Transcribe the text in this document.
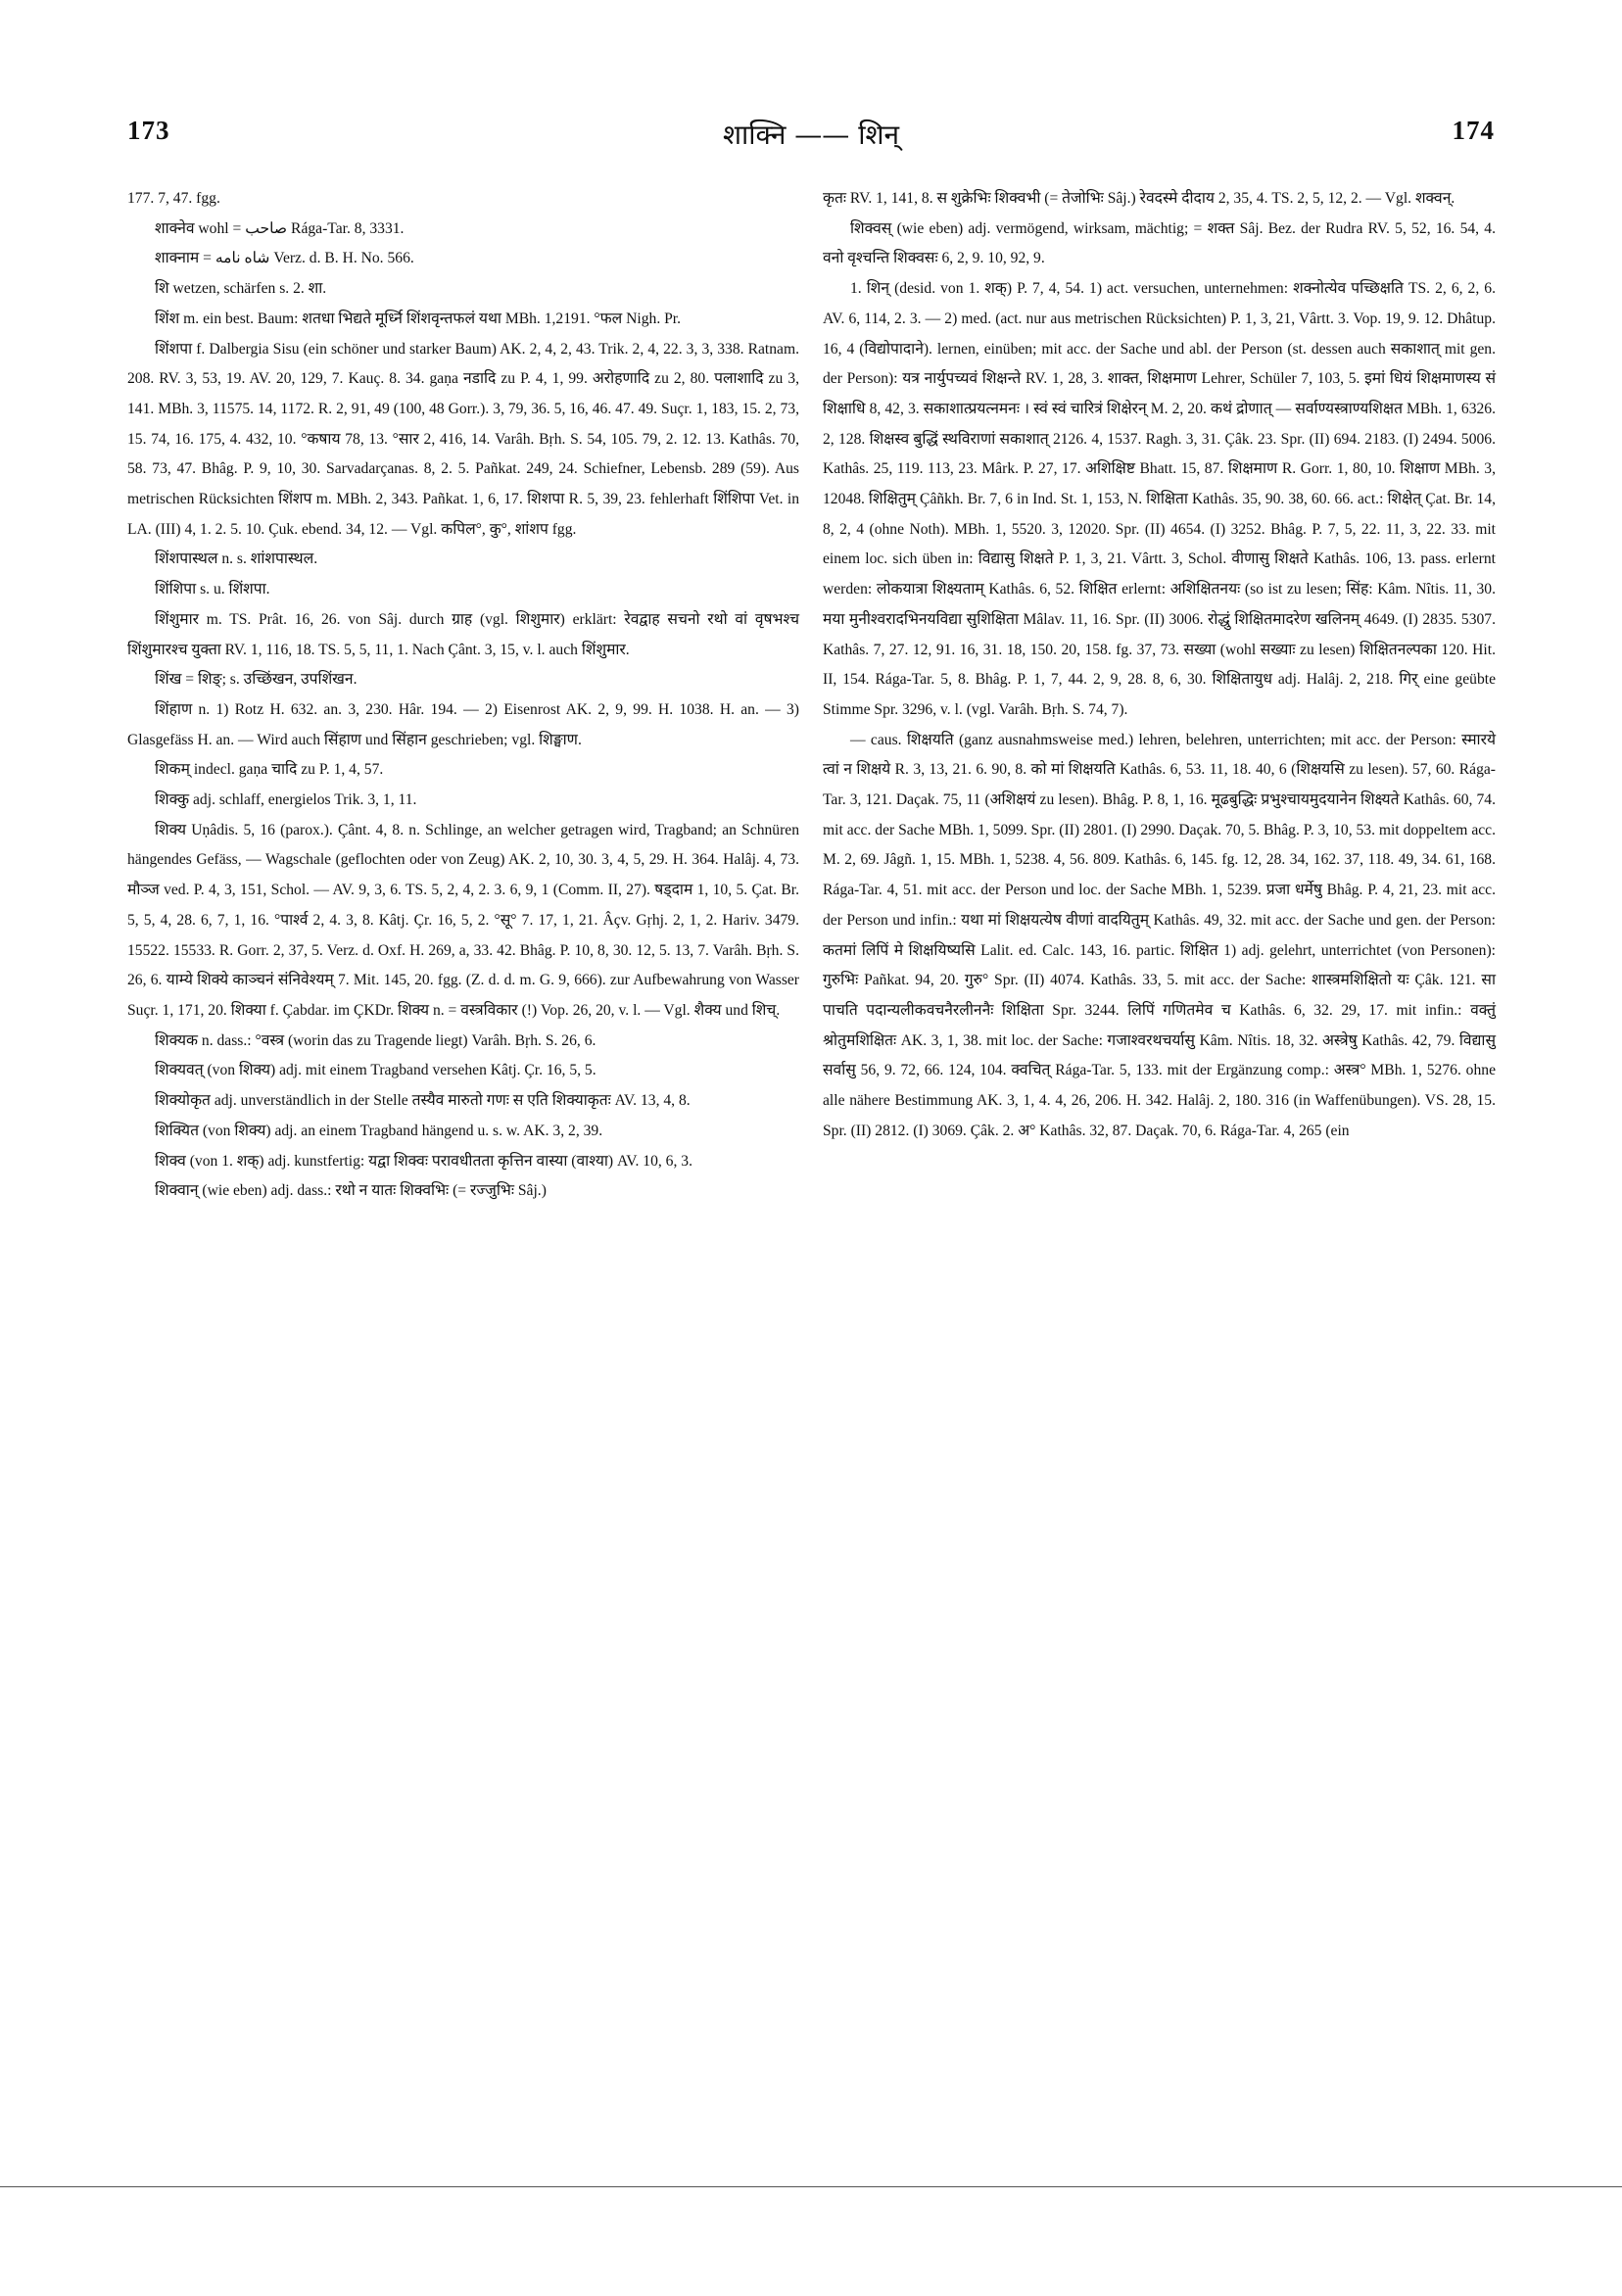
173	शाक्नि —— शिन्	174

177. 7, 47. fgg.

शाक्नेव wohl = صاحب Rága-Tar. 8, 3331.

शाक्नाम = شاه نامه Verz. d. B. H. No. 566.

शि wetzen, schärfen s. 2. शा.

शिंश m. ein best. Baum: शतधा भिद्यते मूर्ध्नि शिंशवृन्तफलं यथा MBh. 1,2191. °फल Nigh. Pr.

शिंशपा f. Dalbergia Sisu (ein schöner und starker Baum) AK. 2, 4, 2, 43. Trik. 2, 4, 22. 3, 3, 338. Ratnam. 208. RV. 3, 53, 19. AV. 20, 129, 7. Kauç. 8. 34. gaṇa नडादि zu P. 4, 1, 99. अरोहणादि zu 2, 80. पलाशादि zu 3, 141. MBh. 3, 11575. 14, 1172. R. 2, 91, 49 (100, 48 Gorr.). 3, 79, 36. 5, 16, 46. 47. 49. Suçr. 1, 183, 15. 2, 73, 15. 74, 16. 175, 4. 432, 10. °कषाय 78, 13. °सार 2, 416, 14. Varâh. Bṛh. S. 54, 105. 79, 2. 12. 13. Kathâs. 70, 58. 73, 47. Bhâg. P. 9, 10, 30. Sarvadarçanas. 8, 2. 5. Pañkat. 249, 24. Schiefner, Lebensb. 289 (59). Aus metrischen Rücksichten शिंशप m. MBh. 2, 343. Pañkat. 1, 6, 17. शिशपा R. 5, 39, 23. fehlerhaft शिंशिपा Vet. in LA. (III) 4, 1. 2. 5. 10. Çuk. ebend. 34, 12. — Vgl. कपिल°, कु°, शांशप fgg.

शिंशपास्थल n. s. शांशपास्थल.

शिंशिपा s. u. शिंशपा.

शिंशुमार m. TS. Prât. 16, 26. von Sâj. durch ग्राह (vgl. शिशुमार) erklärt: रेवद्वाह सचनो रथो वां वृषभश्च शिंशुमारश्च युक्ता RV. 1, 116, 18. TS. 5, 5, 11, 1. Nach Çânt. 3, 15, v. l. auch शिंशुमार.

शिंख = शिङ्; s. उच्छिंखन, उपशिंखन.

शिंहाण n. 1) Rotz H. 632. an. 3, 230. Hâr. 194. — 2) Eisenrost AK. 2, 9, 99. H. 1038. H. an. — 3) Glasgefäss H. an. — Wird auch सिंहाण und सिंहान geschrieben; vgl. शिङ्घाण.

शिकम् indecl. gaṇa चादि zu P. 1, 4, 57.

शिक्कु adj. schlaff, energielos Trik. 3, 1, 11.

शिक्य Uṇâdis. 5, 16 (parox.). Çânt. 4, 8. n. Schlinge, an welcher getragen wird, Tragband; an Schnüren hängendes Gefäss, — Wagschale (geflochten oder von Zeug) AK. 2, 10, 30. 3, 4, 5, 29. H. 364. Halâj. 4, 73. मौञ्ज ved. P. 4, 3, 151, Schol. — AV. 9, 3, 6. TS. 5, 2, 4, 2. 3. 6, 9, 1 (Comm. II, 27). षड्दाम 1, 10, 5. Çat. Br. 5, 5, 4, 28. 6, 7, 1, 16. °पार्श्व 2, 4. 3, 8. Kâtj. Çr. 16, 5, 2. °सू° 7. 17, 1, 21. Âçv. Gṛhj. 2, 1, 2. Hariv. 3479. 15522. 15533. R. Gorr. 2, 37, 5. Verz. d. Oxf. H. 269, a, 33. 42. Bhâg. P. 10, 8, 30. 12, 5. 13, 7. Varâh. Bṛh. S. 26, 6. याम्ये शिक्ये काञ्चनं संनिवेश्यम् 7. Mit. 145, 20. fgg. (Z. d. d. m. G. 9, 666). zur Aufbewahrung von Wasser Suçr. 1, 171, 20. शिक्या f. Çabdar. im ÇKDr. शिक्य n. = वस्त्रविकार (!) Vop. 26, 20, v. l. — Vgl. शैक्य und शिच्.

शिक्यक n. dass.: °वस्त्र (worin das zu Tragende liegt) Varâh. Bṛh. S. 26, 6.

शिक्यवत् (von शिक्य) adj. mit einem Tragband versehen Kâtj. Çr. 16, 5, 5.

शिक्योकृत adj. unverständlich in der Stelle तस्यैव मारुतो गणः स एति शिक्याकृतः AV. 13, 4, 8.

शिक्यित (von शिक्य) adj. an einem Tragband hängend u. s. w. AK. 3, 2, 39.

शिक्व (von 1. शक्) adj. kunstfertig: यद्वा शिक्वः परावधीतता कृत्तिन वास्या (वाश्या) AV. 10, 6, 3.

शिक्वान् (wie eben) adj. dass.: रथो न यातः शिक्वभिः (= रज्जुभिः Sâj.)

कृतः RV. 1, 141, 8. स शुक्रेभिः शिक्वभी (= तेजोभिः Sâj.) रेवदस्मे दीदाय 2, 35, 4. TS. 2, 5, 12, 2. — Vgl. शक्वन्.

शिक्वस् (wie eben) adj. vermögend, wirksam, mächtig; = शक्त Sâj. Bez. der Rudra RV. 5, 52, 16. 54, 4. वनो वृश्चन्ति शिक्वसः 6, 2, 9. 10, 92, 9.

1. शिन् (desid. von 1. शक्) P. 7, 4, 54. 1) act. versuchen, unternehmen: शक्नोत्येव पच्छिक्षति TS. 2, 6, 2, 6. AV. 6, 114, 2. 3. — 2) med. (act. nur aus metrischen Rücksichten) P. 1, 3, 21, Vârtt. 3. Vop. 19, 9. 12. Dhâtup. 16, 4 (विद्योपादाने). lernen, einüben; mit acc. der Sache und abl. der Person (st. dessen auch सकाशात् mit gen. der Person): यत्र नार्युपच्यवं शिक्षन्ते RV. 1, 28, 3. शाक्त, शिक्षमाण Lehrer, Schüler 7, 103, 5. इमां धियं शिक्षमाणस्य सं शिक्षाधि 8, 42, 3. सकाशात्प्रयत्नमनः । स्वं स्वं चारित्रं शिक्षेरन् M. 2, 20. कथं द्रोणात् — सर्वाण्यस्त्राण्यशिक्षत MBh. 1, 6326. 2, 128. शिक्षस्व बुद्धिं स्थविराणां सकाशात् 2126. 4, 1537. Ragh. 3, 31. Çâk. 23. Spr. (II) 694. 2183. (I) 2494. 5006. Kathâs. 25, 119. 113, 23. Mârk. P. 27, 17. अशिक्षिष्ट Bhatt. 15, 87. शिक्षमाण R. Gorr. 1, 80, 10. शिक्षाण MBh. 3, 12048. शिक्षितुम् Çâñkh. Br. 7, 6 in Ind. St. 1, 153, N. शिक्षिता Kathâs. 35, 90. 38, 60. 66. act.: शिक्षेत् Çat. Br. 14, 8, 2, 4 (ohne Noth). MBh. 1, 5520. 3, 12020. Spr. (II) 4654. (I) 3252. Bhâg. P. 7, 5, 22. 11, 3, 22. 33. mit einem loc. sich üben in: विद्यासु शिक्षते P. 1, 3, 21. Vârtt. 3, Schol. वीणासु शिक्षते Kathâs. 106, 13. pass. erlernt werden: लोकयात्रा शिक्ष्यताम् Kathâs. 6, 52. शिक्षित erlernt: अशिक्षितनयः (so ist zu lesen; सिंह: Kâm. Nîtis. 11, 30. मया मुनीश्वरादभिनयविद्या सुशिक्षिता Mâlav. 11, 16. Spr. (II) 3006. रोद्धुं शिक्षितमादरेण खलिनम् 4649. (I) 2835. 5307. Kathâs. 7, 27. 12, 91. 16, 31. 18, 150. 20, 158. fg. 37, 73. सख्या (wohl सख्याः zu lesen) शिक्षितनल्पका 120. Hit. II, 154. Rága-Tar. 5, 8. Bhâg. P. 1, 7, 44. 2, 9, 28. 8, 6, 30. शिक्षितायुध adj. Halâj. 2, 218. गिर् eine geübte Stimme Spr. 3296, v. l. (vgl. Varâh. Bṛh. S. 74, 7).

— caus. शिक्षयति (ganz ausnahmsweise med.) lehren, belehren, unterrichten; mit acc. der Person: स्मारये त्वां न शिक्षये R. 3, 13, 21. 6. 90, 8. को मां शिक्षयति Kathâs. 6, 53. 11, 18. 40, 6 (शिक्षयसि zu lesen). 57, 60. Rága-Tar. 3, 121. Daçak. 75, 11 (अशिक्षयं zu lesen). Bhâg. P. 8, 1, 16. मूढबुद्धिः प्रभुश्चायमुदयानेन शिक्ष्यते Kathâs. 60, 74. mit acc. der Sache MBh. 1, 5099. Spr. (II) 2801. (I) 2990. Daçak. 70, 5. Bhâg. P. 3, 10, 53. mit doppeltem acc. M. 2, 69. Jâgñ. 1, 15. MBh. 1, 5238. 4, 56. 809. Kathâs. 6, 145. fg. 12, 28. 34, 162. 37, 118. 49, 34. 61, 168. Rága-Tar. 4, 51. mit acc. der Person und loc. der Sache MBh. 1, 5239. प्रजा धर्मेषु Bhâg. P. 4, 21, 23. mit acc. der Person und infin.: यथा मां शिक्षयत्येष वीणां वादयितुम् Kathâs. 49, 32. mit acc. der Sache und gen. der Person: कतमां लिपिं मे शिक्षयिष्यसि Lalit. ed. Calc. 143, 16. partic. शिक्षित 1) adj. gelehrt, unterrichtet (von Personen): गुरुभिः Pañkat. 94, 20. गुरु° Spr. (II) 4074. Kathâs. 33, 5. mit acc. der Sache: शास्त्रमशिक्षितो यः Çâk. 121. सा पाचति पदान्यलीकवचनैरलीननैः शिक्षिता Spr. 3244. लिपिं गणितमेव च Kathâs. 6, 32. 29, 17. mit infin.: वक्तुं श्रोतुमशिक्षितः AK. 3, 1, 38. mit loc. der Sache: गजाश्वरथचर्यासु Kâm. Nîtis. 18, 32. अस्त्रेषु Kathâs. 42, 79. विद्यासु सर्वासु 56, 9. 72, 66. 124, 104. क्वचित् Rága-Tar. 5, 133. mit der Ergänzung comp.: अस्त्र° MBh. 1, 5276. ohne alle nähere Bestimmung AK. 3, 1, 4. 4, 26, 206. H. 342. Halâj. 2, 180. 316 (in Waffenübungen). VS. 28, 15. Spr. (II) 2812. (I) 3069. Çâk. 2. अ° Kathâs. 32, 87. Daçak. 70, 6. Rága-Tar. 4, 265 (ein
